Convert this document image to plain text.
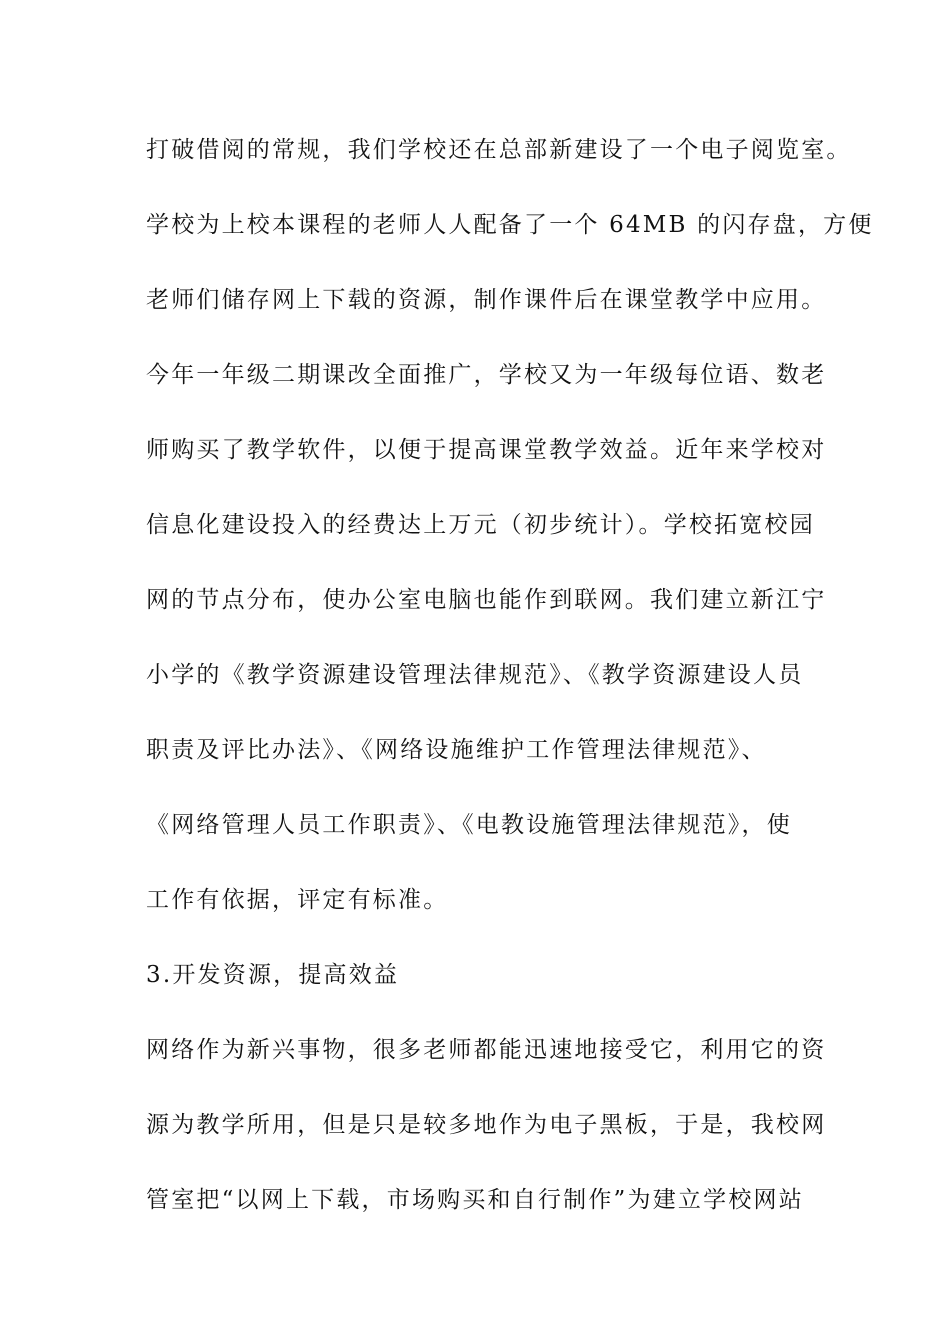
打破借阅的常规，我们学校还在总部新建设了一个电子阅览室。
学校为上校本课程的老师人人配备了一个 64MB 的闪存盘，方便
老师们储存网上下载的资源，制作课件后在课堂教学中应用。
今年一年级二期课改全面推广，学校又为一年级每位语、数老
师购买了教学软件，以便于提高课堂教学效益。近年来学校对
信息化建设投入的经费达上万元（初步统计）。学校拓宽校园
网的节点分布，使办公室电脑也能作到联网。我们建立新江宁
小学的《教学资源建设管理法律规范》、《教学资源建设人员
职责及评比办法》、《网络设施维护工作管理法律规范》、
《网络管理人员工作职责》、《电教设施管理法律规范》，使
工作有依据，评定有标准。
3.开发资源，提高效益
网络作为新兴事物，很多老师都能迅速地接受它，利用它的资
源为教学所用，但是只是较多地作为电子黑板，于是，我校网
管室把“以网上下载，市场购买和自行制作”为建立学校网站
